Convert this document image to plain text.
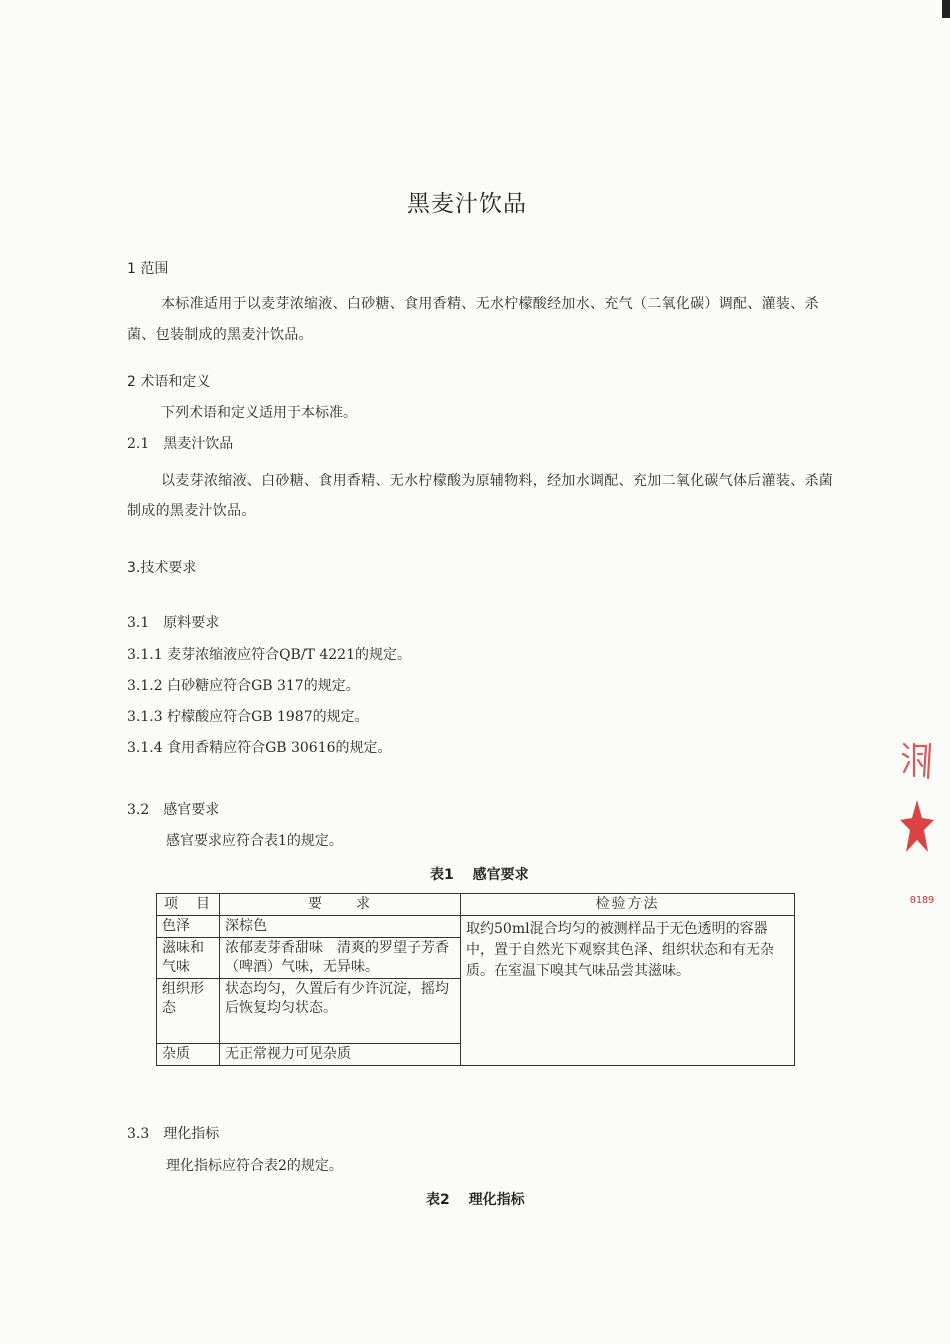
黑麦汁饮品
1 范围
本标准适用于以麦芽浓缩液、白砂糖、食用香精、无水柠檬酸经加水、充气（二氧化碳）调配、灌装、杀菌、包装制成的黑麦汁饮品。
2 术语和定义
下列术语和定义适用于本标准。
2.1　黑麦汁饮品
以麦芽浓缩液、白砂糖、食用香精、无水柠檬酸为原辅物料，经加水调配、充加二氧化碳气体后灌装、杀菌制成的黑麦汁饮品。
3.技术要求
3.1　原料要求
3.1.1 麦芽浓缩液应符合QB/T 4221的规定。
3.1.2 白砂糖应符合GB 317的规定。
3.1.3 柠檬酸应符合GB 1987的规定。
3.1.4 食用香精应符合GB 30616的规定。
3.2　感官要求
感官要求应符合表1的规定。
表1　 感官要求
项　目	要　　求	检验方法
色泽	深棕色	取约50ml混合均匀的被测样品于无色透明的容器中，置于自然光下观察其色泽、组织状态和有无杂质。在室温下嗅其气味品尝其滋味。
滋味和气味	浓郁麦芽香甜味　清爽的罗望子芳香（啤酒）气味，无异味。	
组织形态	状态均匀，久置后有少许沉淀，摇均后恢复均匀状态。	
杂质	无正常视力可见杂质	
3.3　理化指标
理化指标应符合表2的规定。
表2　 理化指标
0189
